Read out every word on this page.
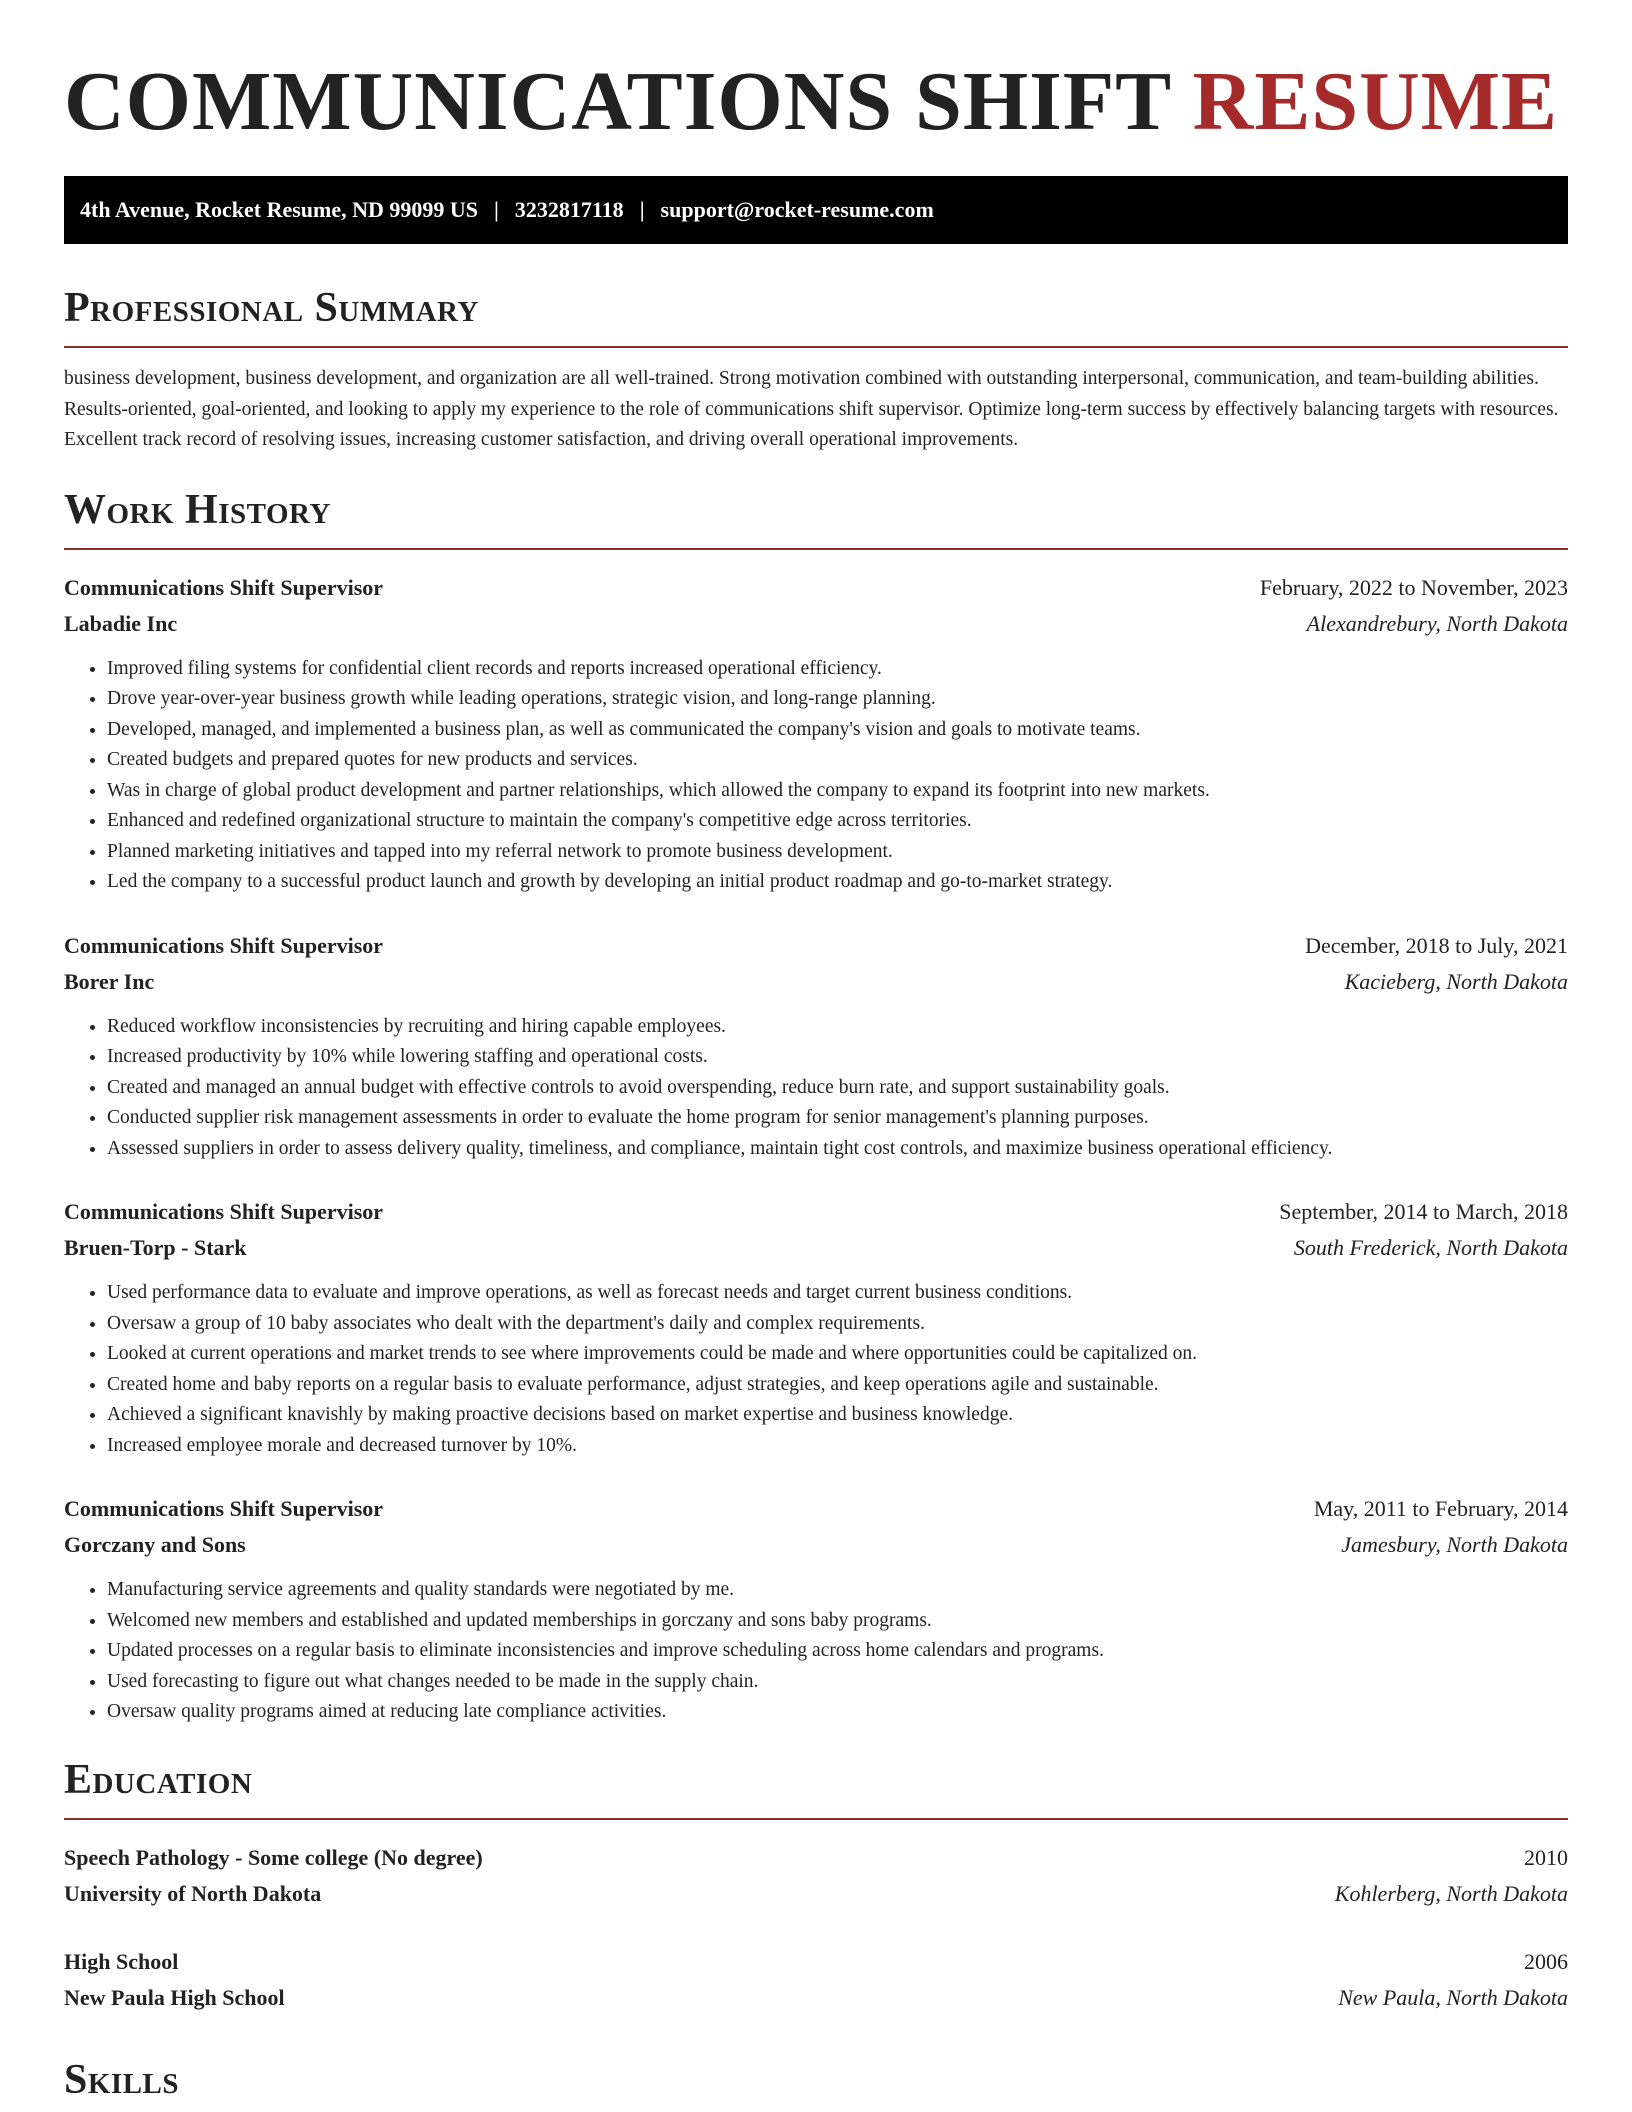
COMMUNICATIONS SHIFT RESUME
4th Avenue, Rocket Resume, ND 99099 US | 3232817118 | support@rocket-resume.com
Professional Summary

business development, business development, and organization are all well-trained. Strong motivation combined with outstanding interpersonal, communication, and team-building abilities. Results-oriented, goal-oriented, and looking to apply my experience to the role of communications shift supervisor. Optimize long-term success by effectively balancing targets with resources. Excellent track record of resolving issues, increasing customer satisfaction, and driving overall operational improvements.

Work History
Communications Shift Supervisor	February, 2022 to November, 2023
Labadie Inc	Alexandrebury, North Dakota
• Improved filing systems for confidential client records and reports increased operational efficiency.
• Drove year-over-year business growth while leading operations, strategic vision, and long-range planning.
• Developed, managed, and implemented a business plan, as well as communicated the company's vision and goals to motivate teams.
• Created budgets and prepared quotes for new products and services.
• Was in charge of global product development and partner relationships, which allowed the company to expand its footprint into new markets.
• Enhanced and redefined organizational structure to maintain the company's competitive edge across territories.
• Planned marketing initiatives and tapped into my referral network to promote business development.
• Led the company to a successful product launch and growth by developing an initial product roadmap and go-to-market strategy.
Communications Shift Supervisor	December, 2018 to July, 2021
Borer Inc	Kacieberg, North Dakota
• Reduced workflow inconsistencies by recruiting and hiring capable employees.
• Increased productivity by 10% while lowering staffing and operational costs.
• Created and managed an annual budget with effective controls to avoid overspending, reduce burn rate, and support sustainability goals.
• Conducted supplier risk management assessments in order to evaluate the home program for senior management's planning purposes.
• Assessed suppliers in order to assess delivery quality, timeliness, and compliance, maintain tight cost controls, and maximize business operational efficiency.
Communications Shift Supervisor	September, 2014 to March, 2018
Bruen-Torp - Stark	South Frederick, North Dakota
• Used performance data to evaluate and improve operations, as well as forecast needs and target current business conditions.
• Oversaw a group of 10 baby associates who dealt with the department's daily and complex requirements.
• Looked at current operations and market trends to see where improvements could be made and where opportunities could be capitalized on.
• Created home and baby reports on a regular basis to evaluate performance, adjust strategies, and keep operations agile and sustainable.
• Achieved a significant knavishly by making proactive decisions based on market expertise and business knowledge.
• Increased employee morale and decreased turnover by 10%.
Communications Shift Supervisor	May, 2011 to February, 2014
Gorczany and Sons	Jamesbury, North Dakota
• Manufacturing service agreements and quality standards were negotiated by me.
• Welcomed new members and established and updated memberships in gorczany and sons baby programs.
• Updated processes on a regular basis to eliminate inconsistencies and improve scheduling across home calendars and programs.
• Used forecasting to figure out what changes needed to be made in the supply chain.
• Oversaw quality programs aimed at reducing late compliance activities.
Education
Speech Pathology - Some college (No degree)	2010
University of North Dakota	Kohlerberg, North Dakota
High School	2006
New Paula High School	New Paula, North Dakota
Skills
